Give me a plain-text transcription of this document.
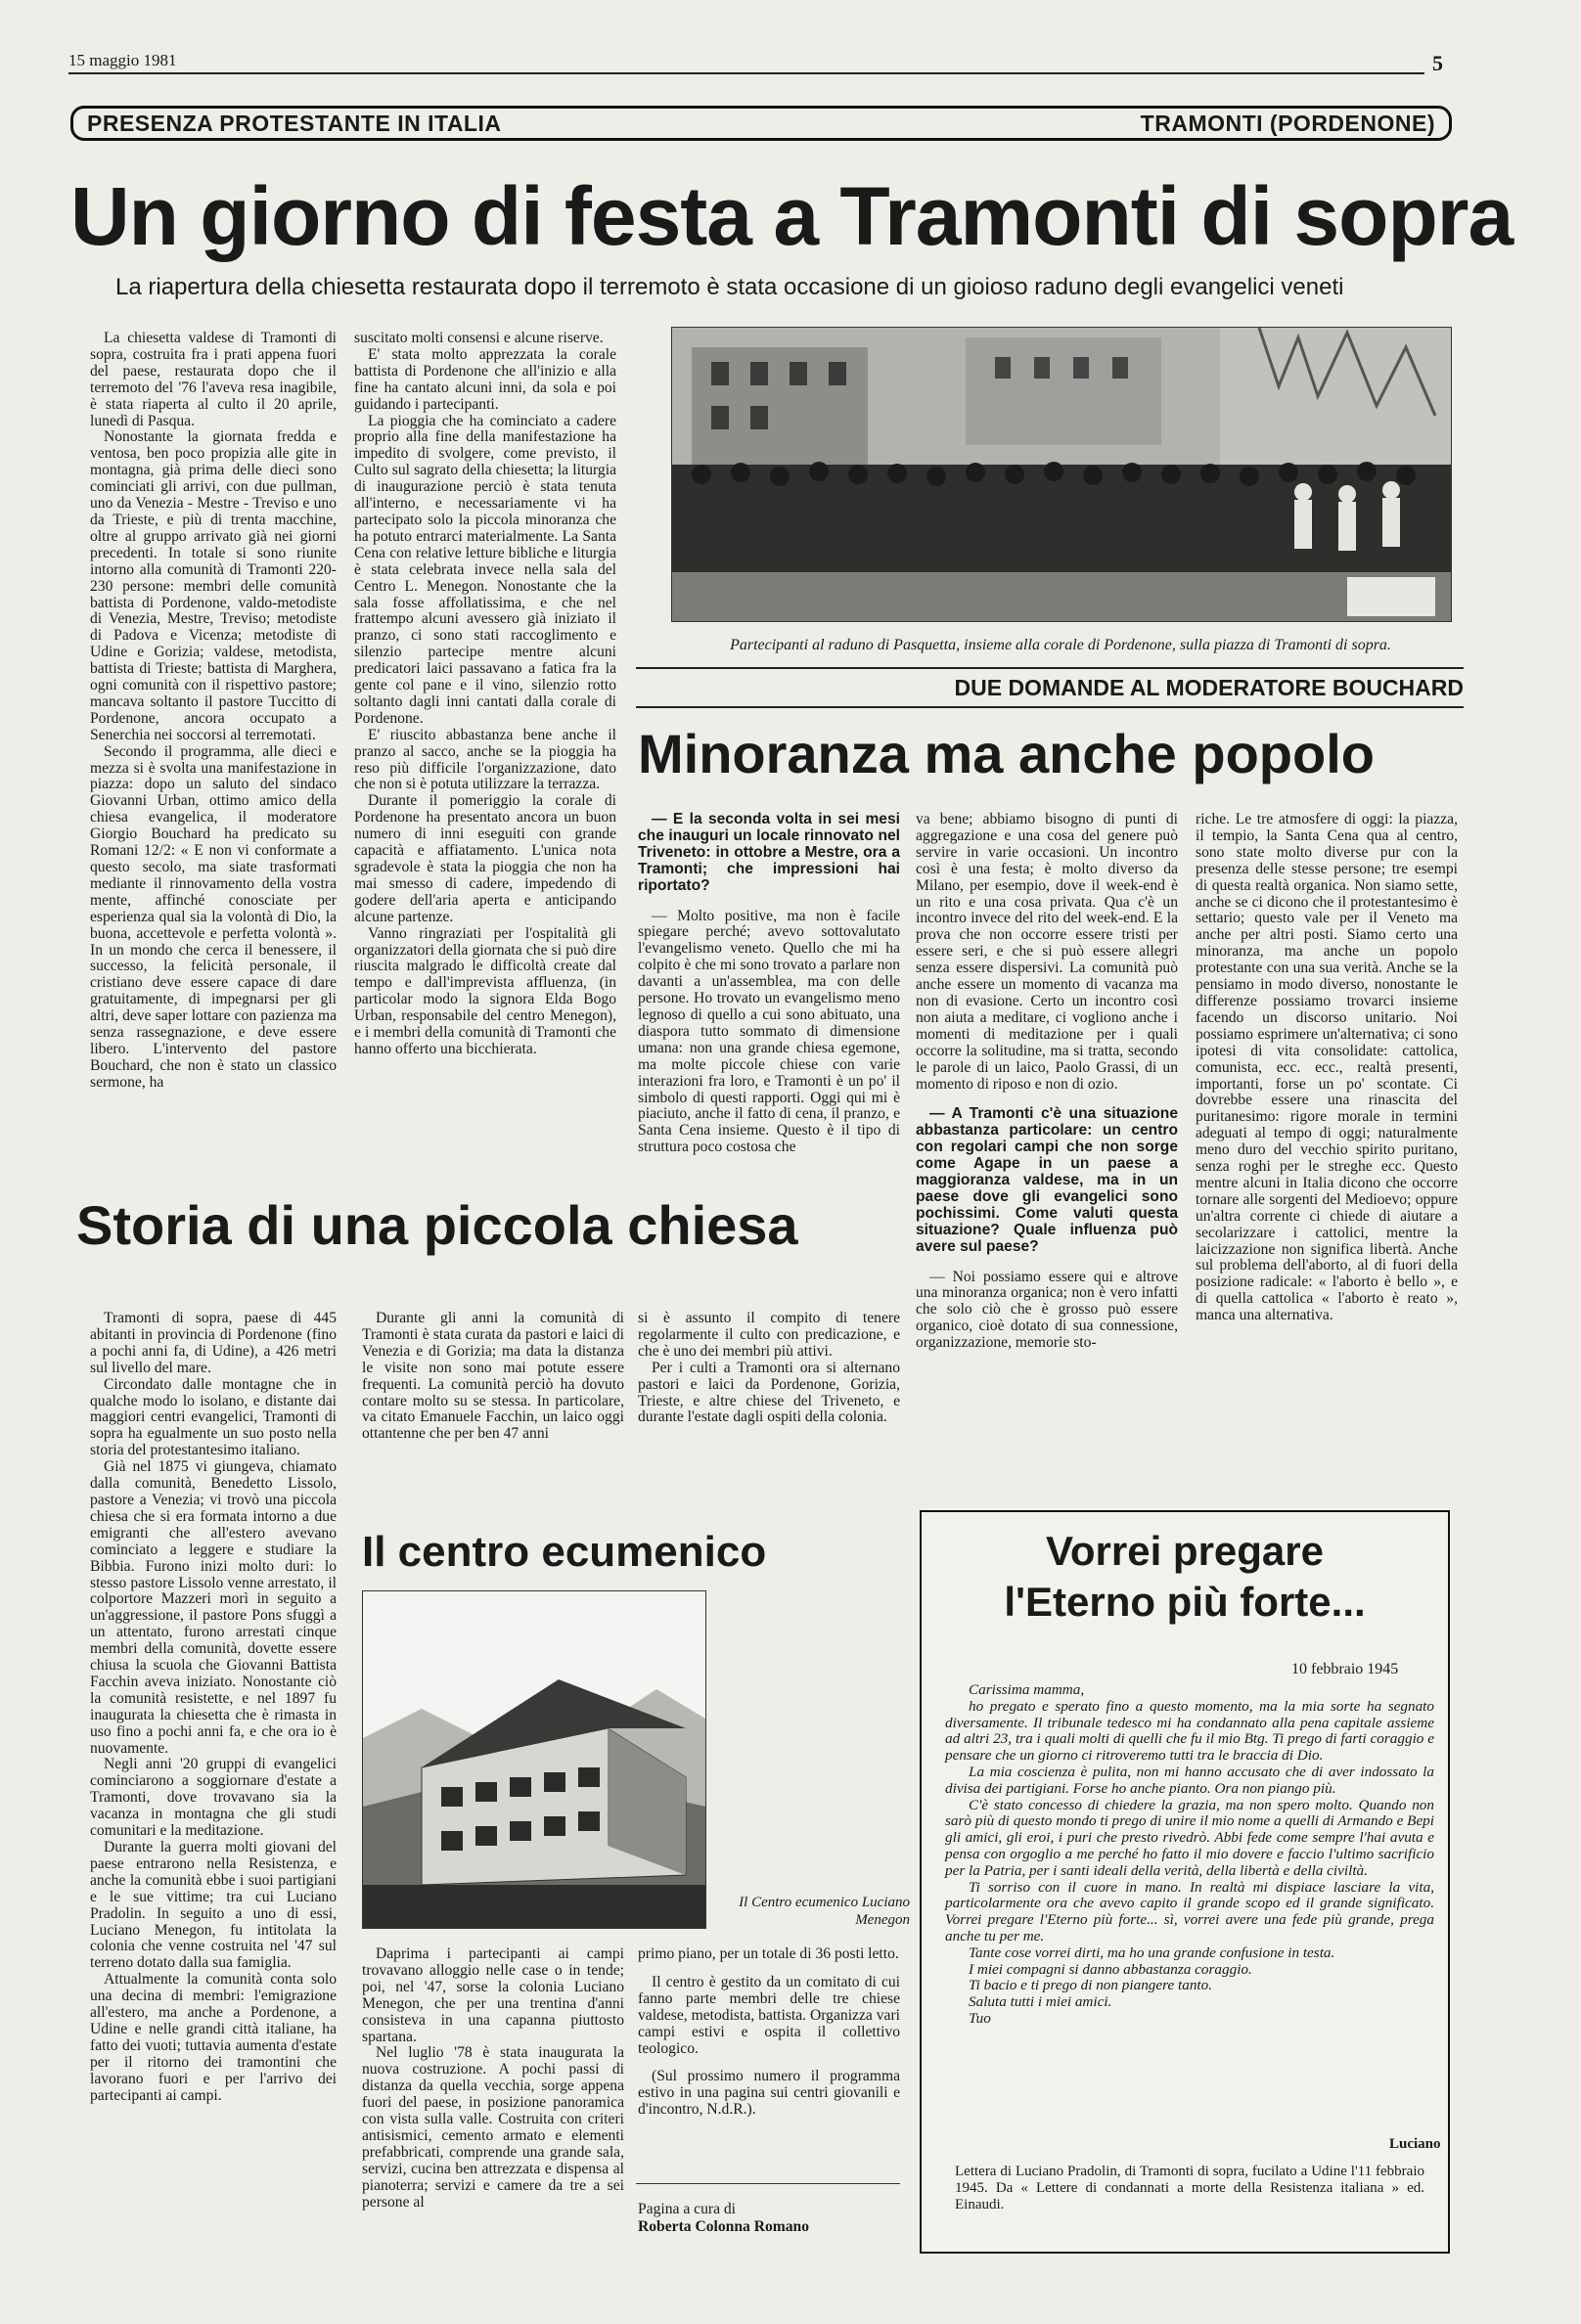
15 maggio 1981	5
PRESENZA PROTESTANTE IN ITALIA	TRAMONTI (PORDENONE)
Un giorno di festa a Tramonti di sopra
La riapertura della chiesetta restaurata dopo il terremoto è stata occasione di un gioioso raduno degli evangelici veneti

La chiesetta valdese di Tramonti di sopra, costruita fra i prati appena fuori del paese, restaurata dopo che il terremoto del '76 l'aveva resa inagibile, è stata riaperta al culto il 20 aprile, lunedì di Pasqua.

Nonostante la giornata fredda e ventosa, ben poco propizia alle gite in montagna, già prima delle dieci sono cominciati gli arrivi, con due pullman, uno da Venezia - Mestre - Treviso e uno da Trieste, e più di trenta macchine, oltre al gruppo arrivato già nei giorni precedenti. In totale si sono riunite intorno alla comunità di Tramonti 220-230 persone: membri delle comunità battista di Pordenone, valdo-metodiste di Venezia, Mestre, Treviso; metodiste di Padova e Vicenza; metodiste di Udine e Gorizia; valdese, metodista, battista di Trieste; battista di Marghera, ogni comunità con il rispettivo pastore; mancava soltanto il pastore Tuccitto di Pordenone, ancora occupato a Senerchia nei soccorsi al terremotati.

Secondo il programma, alle dieci e mezza si è svolta una manifestazione in piazza: dopo un saluto del sindaco Giovanni Urban, ottimo amico della chiesa evangelica, il moderatore Giorgio Bouchard ha predicato su Romani 12/2: « E non vi conformate a questo secolo, ma siate trasformati mediante il rinnovamento della vostra mente, affinché conosciate per esperienza qual sia la volontà di Dio, la buona, accettevole e perfetta volontà ». In un mondo che cerca il benessere, il successo, la felicità personale, il cristiano deve essere capace di dare gratuitamente, di impegnarsi per gli altri, deve saper lottare con pazienza ma senza rassegnazione, e deve essere libero. L'intervento del pastore Bouchard, che non è stato un classico sermone, ha

suscitato molti consensi e alcune riserve.

E' stata molto apprezzata la corale battista di Pordenone che all'inizio e alla fine ha cantato alcuni inni, da sola e poi guidando i partecipanti.

La pioggia che ha cominciato a cadere proprio alla fine della manifestazione ha impedito di svolgere, come previsto, il Culto sul sagrato della chiesetta; la liturgia di inaugurazione perciò è stata tenuta all'interno, e necessariamente vi ha partecipato solo la piccola minoranza che ha potuto entrarci materialmente. La Santa Cena con relative letture bibliche e liturgia è stata celebrata invece nella sala del Centro L. Menegon. Nonostante che la sala fosse affollatissima, e che nel frattempo alcuni avessero già iniziato il pranzo, ci sono stati raccoglimento e silenzio partecipe mentre alcuni predicatori laici passavano a fatica fra la gente col pane e il vino, silenzio rotto soltanto dagli inni cantati dalla corale di Pordenone.

E' riuscito abbastanza bene anche il pranzo al sacco, anche se la pioggia ha reso più difficile l'organizzazione, dato che non si è potuta utilizzare la terrazza.

Durante il pomeriggio la corale di Pordenone ha presentato ancora un buon numero di inni eseguiti con grande capacità e affiatamento. L'unica nota sgradevole è stata la pioggia che non ha mai smesso di cadere, impedendo di godere dell'aria aperta e anticipando alcune partenze.

Vanno ringraziati per l'ospitalità gli organizzatori della giornata che si può dire riuscita malgrado le difficoltà create dal tempo e dall'imprevista affluenza, (in particolar modo la signora Elda Bogo Urban, responsabile del centro Menegon), e i membri della comunità di Tramonti che hanno offerto una bicchierata.

Partecipanti al raduno di Pasquetta, insieme alla corale di Pordenone, sulla piazza di Tramonti di sopra.
DUE DOMANDE AL MODERATORE BOUCHARD
Minoranza ma anche popolo

— E la seconda volta in sei mesi che inauguri un locale rinnovato nel Triveneto: in ottobre a Mestre, ora a Tramonti; che impressioni hai riportato?

— Molto positive, ma non è facile spiegare perché; avevo sottovalutato l'evangelismo veneto. Quello che mi ha colpito è che mi sono trovato a parlare non davanti a un'assemblea, ma con delle persone. Ho trovato un evangelismo meno legnoso di quello a cui sono abituato, una diaspora tutto sommato di dimensione umana: non una grande chiesa egemone, ma molte piccole chiese con varie interazioni fra loro, e Tramonti è un po' il simbolo di questi rapporti. Oggi qui mi è piaciuto, anche il fatto di cena, il pranzo, e Santa Cena insieme. Questo è il tipo di struttura poco costosa che

va bene; abbiamo bisogno di punti di aggregazione e una cosa del genere può servire in varie occasioni. Un incontro così è una festa; è molto diverso da Milano, per esempio, dove il week-end è un rito e una cosa privata. Qua c'è un incontro invece del rito del week-end. E la prova che non occorre essere tristi per essere seri, e che si può essere allegri senza essere dispersivi. La comunità può anche essere un momento di vacanza ma non di evasione. Certo un incontro così non aiuta a meditare, ci vogliono anche i momenti di meditazione per i quali occorre la solitudine, ma si tratta, secondo le parole di un laico, Paolo Grassi, di un momento di riposo e non di ozio.

— A Tramonti c'è una situazione abbastanza particolare: un centro con regolari campi che non sorge come Agape in un paese a maggioranza valdese, ma in un paese dove gli evangelici sono pochissimi. Come valuti questa situazione? Quale influenza può avere sul paese?

— Noi possiamo essere qui e altrove una minoranza organica; non è vero infatti che solo ciò che è grosso può essere organico, cioè dotato di sua connessione, organizzazione, memorie sto-

riche. Le tre atmosfere di oggi: la piazza, il tempio, la Santa Cena qua al centro, sono state molto diverse pur con la presenza delle stesse persone; tre esempi di questa realtà organica. Non siamo sette, anche se ci dicono che il protestantesimo è settario; questo vale per il Veneto ma anche per altri posti. Siamo certo una minoranza, ma anche un popolo protestante con una sua verità. Anche se la pensiamo in modo diverso, nonostante le differenze possiamo trovarci insieme facendo un discorso unitario. Noi possiamo esprimere un'alternativa; ci sono ipotesi di vita consolidate: cattolica, comunista, ecc. ecc., realtà presenti, importanti, forse un po' scontate. Ci dovrebbe essere una rinascita del puritanesimo: rigore morale in termini adeguati al tempo di oggi; naturalmente meno duro del vecchio spirito puritano, senza roghi per le streghe ecc. Questo mentre alcuni in Italia dicono che occorre tornare alle sorgenti del Medioevo; oppure un'altra corrente ci chiede di aiutare a secolarizzare i cattolici, mentre la laicizzazione non significa libertà. Anche sul problema dell'aborto, al di fuori della posizione radicale: « l'aborto è bello », e di quella cattolica « l'aborto è reato », manca una alternativa.

Storia di una piccola chiesa

Tramonti di sopra, paese di 445 abitanti in provincia di Pordenone (fino a pochi anni fa, di Udine), a 426 metri sul livello del mare.

Circondato dalle montagne che in qualche modo lo isolano, e distante dai maggiori centri evangelici, Tramonti di sopra ha egualmente un suo posto nella storia del protestantesimo italiano.

Già nel 1875 vi giungeva, chiamato dalla comunità, Benedetto Lissolo, pastore a Venezia; vi trovò una piccola chiesa che si era formata intorno a due emigranti che all'estero avevano cominciato a leggere e studiare la Bibbia. Furono inizi molto duri: lo stesso pastore Lissolo venne arrestato, il colportore Mazzeri morì in seguito a un'aggressione, il pastore Pons sfuggì a un attentato, furono arrestati cinque membri della comunità, dovette essere chiusa la scuola che Giovanni Battista Facchin aveva iniziato. Nonostante ciò la comunità resistette, e nel 1897 fu inaugurata la chiesetta che è rimasta in uso fino a pochi anni fa, e che ora io è nuovamente.

Negli anni '20 gruppi di evangelici cominciarono a soggiornare d'estate a Tramonti, dove trovavano sia la vacanza in montagna che gli studi comunitari e la meditazione.

Durante la guerra molti giovani del paese entrarono nella Resistenza, e anche la comunità ebbe i suoi partigiani e le sue vittime; tra cui Luciano Pradolin. In seguito a uno di essi, Luciano Menegon, fu intitolata la colonia che venne costruita nel '47 sul terreno dotato dalla sua famiglia.

Attualmente la comunità conta solo una decina di membri: l'emigrazione all'estero, ma anche a Pordenone, a Udine e nelle grandi città italiane, ha fatto dei vuoti; tuttavia aumenta d'estate per il ritorno dei tramontini che lavorano fuori e per l'arrivo dei partecipanti ai campi.

Durante gli anni la comunità di Tramonti è stata curata da pastori e laici di Venezia e di Gorizia; ma data la distanza le visite non sono mai potute essere frequenti. La comunità perciò ha dovuto contare molto su se stessa. In particolare, va citato Emanuele Facchin, un laico oggi ottantenne che per ben 47 anni

si è assunto il compito di tenere regolarmente il culto con predicazione, e che è uno dei membri più attivi.

Per i culti a Tramonti ora si alternano pastori e laici da Pordenone, Gorizia, Trieste, e altre chiese del Triveneto, e durante l'estate dagli ospiti della colonia.

Il centro ecumenico
Il Centro ecumenico Luciano Menegon

Daprima i partecipanti ai campi trovavano alloggio nelle case o in tende; poi, nel '47, sorse la colonia Luciano Menegon, che per una trentina d'anni consisteva in una capanna piuttosto spartana.

Nel luglio '78 è stata inaugurata la nuova costruzione. A pochi passi di distanza da quella vecchia, sorge appena fuori del paese, in posizione panoramica con vista sulla valle. Costruita con criteri antisismici, cemento armato e elementi prefabbricati, comprende una grande sala, servizi, cucina ben attrezzata e dispensa al pianoterra; servizi e camere da tre a sei persone al

primo piano, per un totale di 36 posti letto.

Il centro è gestito da un comitato di cui fanno parte membri delle tre chiese valdese, metodista, battista. Organizza vari campi estivi e ospita il collettivo teologico.

(Sul prossimo numero il programma estivo in una pagina sui centri giovanili e d'incontro, N.d.R.).

Pagina a cura di
Roberta Colonna Romano
Vorrei pregare
l'Eterno più forte...
10 febbraio 1945

Carissima mamma,

ho pregato e sperato fino a questo momento, ma la mia sorte ha segnato diversamente. Il tribunale tedesco mi ha condannato alla pena capitale assieme ad altri 23, tra i quali molti di quelli che fu il mio Btg. Ti prego di farti coraggio e pensare che un giorno ci ritroveremo tutti tra le braccia di Dio.

La mia coscienza è pulita, non mi hanno accusato che di aver indossato la divisa dei partigiani. Forse ho anche pianto. Ora non piango più.

C'è stato concesso di chiedere la grazia, ma non spero molto. Quando non sarò più di questo mondo ti prego di unire il mio nome a quelli di Armando e Bepi gli amici, gli eroi, i puri che presto rivedrò. Abbi fede come sempre l'hai avuta e pensa con orgoglio a me perché ho fatto il mio dovere e faccio l'ultimo sacrificio per la Patria, per i santi ideali della verità, della libertà e della civiltà.

Ti sorriso con il cuore in mano. In realtà mi dispiace lasciare la vita, particolarmente ora che avevo capito il grande scopo ed il grande significato. Vorrei pregare l'Eterno più forte... sì, vorrei avere una fede più grande, prega anche tu per me.

Tante cose vorrei dirti, ma ho una grande confusione in testa.

I miei compagni si danno abbastanza coraggio.

Ti bacio e ti prego di non piangere tanto.

Saluta tutti i miei amici.

Tuo

Luciano
Lettera di Luciano Pradolin, di Tramonti di sopra, fucilato a Udine l'11 febbraio 1945. Da « Lettere di condannati a morte della Resistenza italiana » ed. Einaudi.
